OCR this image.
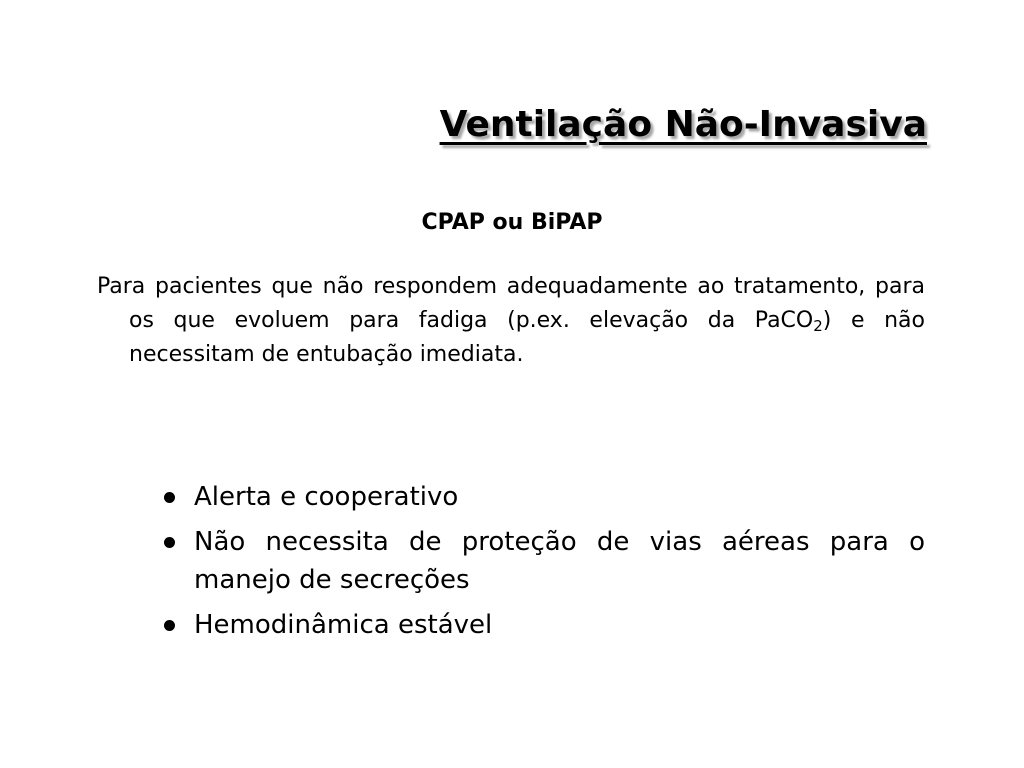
Ventilação Não-Invasiva
CPAP ou BiPAP
Para pacientes que não respondem adequadamente ao tratamento, para os que evoluem para fadiga (p.ex. elevação da PaCO$_2$) e não necessitam de entubação imediata.
Alerta e cooperativo
Não necessita de proteção de vias aéreas para o manejo de secreções
Hemodinâmica estável
